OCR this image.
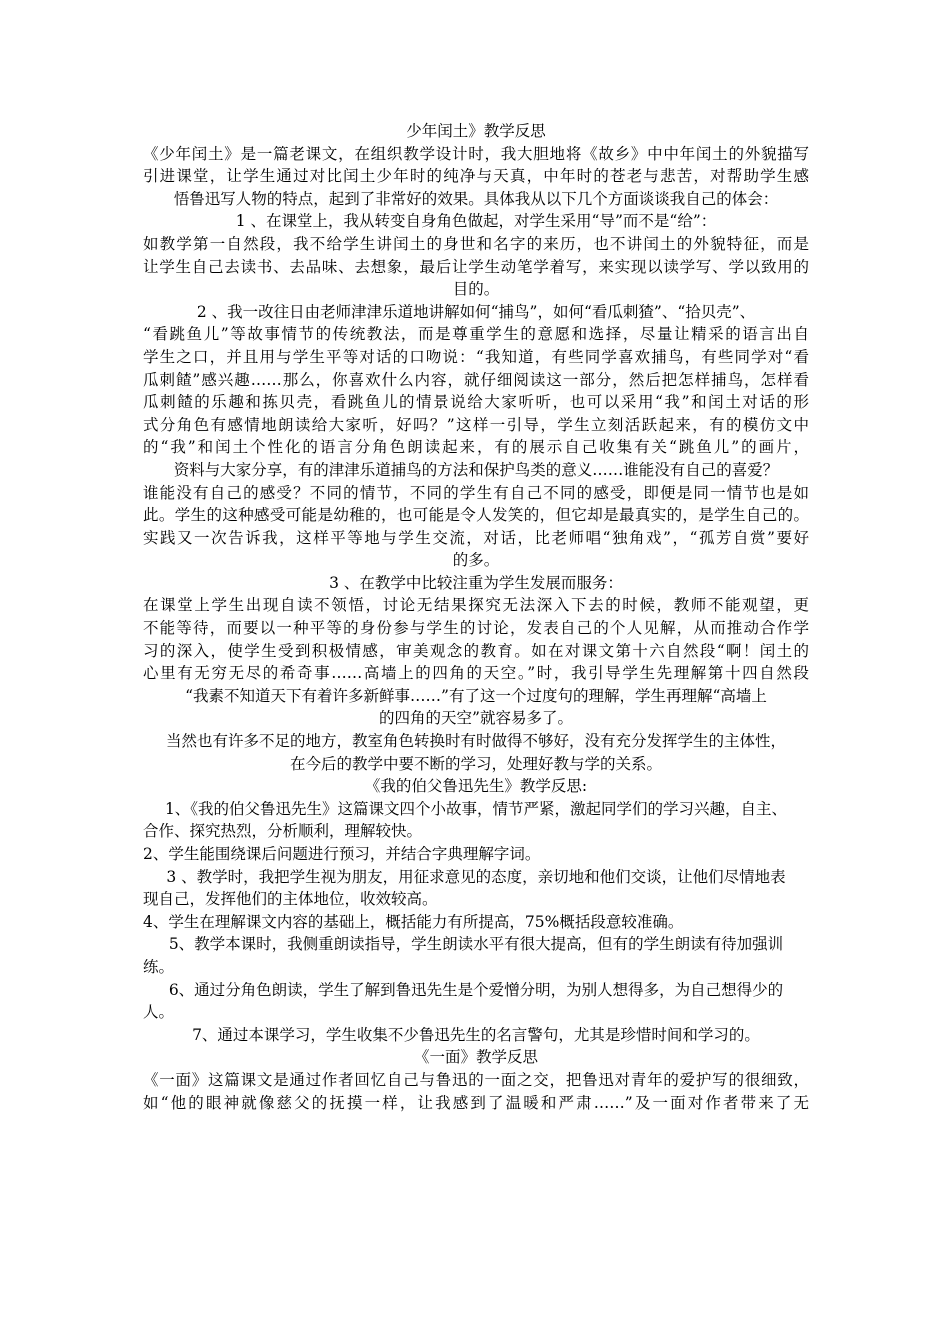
少年闰土》教学反思
《少年闰土》是一篇老课文，在组织教学设计时，我大胆地将《故乡》中中年闰土的外貌描写
引进课堂，让学生通过对比闰土少年时的纯净与天真，中年时的苍老与悲苦，对帮助学生感
悟鲁迅写人物的特点，起到了非常好的效果。具体我从以下几个方面谈谈我自己的体会：
1 、在课堂上，我从转变自身角色做起，对学生采用“导”而不是“给”：
如教学第一自然段，我不给学生讲闰土的身世和名字的来历，也不讲闰土的外貌特征，而是
让学生自己去读书、去品味、去想象，最后让学生动笔学着写，来实现以读学写、学以致用的
目的。
2 、我一改往日由老师津津乐道地讲解如何“捕鸟”，如何“看瓜刺猹”、“拾贝壳”、
“看跳鱼儿”等故事情节的传统教法，而是尊重学生的意愿和选择，尽量让精采的语言出自
学生之口，并且用与学生平等对话的口吻说：“我知道，有些同学喜欢捕鸟，有些同学对“看
瓜刺餷”感兴趣……那么，你喜欢什么内容，就仔细阅读这一部分，然后把怎样捕鸟，怎样看
瓜刺餷的乐趣和拣贝壳，看跳鱼儿的情景说给大家听听，也可以采用“我”和闰土对话的形
式分角色有感情地朗读给大家听，好吗？”这样一引导，学生立刻活跃起来，有的模仿文中
的“我”和闰土个性化的语言分角色朗读起来，有的展示自己收集有关“跳鱼儿”的画片，
资料与大家分享，有的津津乐道捕鸟的方法和保护鸟类的意义……谁能没有自己的喜爱？
谁能没有自己的感受？不同的情节，不同的学生有自己不同的感受，即便是同一情节也是如
此。学生的这种感受可能是幼稚的，也可能是令人发笑的，但它却是最真实的，是学生自己的。
实践又一次告诉我，这样平等地与学生交流，对话，比老师唱“独角戏”，“孤芳自赏”要好
的多。
3 、在教学中比较注重为学生发展而服务：
在课堂上学生出现自读不领悟，讨论无结果探究无法深入下去的时候，教师不能观望，更
不能等待，而要以一种平等的身份参与学生的讨论，发表自己的个人见解，从而推动合作学
习的深入，使学生受到积极情感，审美观念的教育。如在对课文第十六自然段“啊！闰土的
心里有无穷无尽的希奇事……高墙上的四角的天空。”时，我引导学生先理解第十四自然段
“我素不知道天下有着许多新鲜事……”有了这一个过度句的理解，学生再理解“高墙上
的四角的天空”就容易多了。
当然也有许多不足的地方，教室角色转换时有时做得不够好，没有充分发挥学生的主体性，
在今后的教学中要不断的学习，处理好教与学的关系。
《我的伯父鲁迅先生》教学反思:
1、《我的伯父鲁迅先生》这篇课文四个小故事，情节严紧，激起同学们的学习兴趣，自主、
合作、探究热烈，分析顺利，理解较快。
2、学生能围绕课后问题进行预习，并结合字典理解字词。
3 、教学时，我把学生视为朋友，用征求意见的态度，亲切地和他们交谈，让他们尽情地表
现自己，发挥他们的主体地位，收效较高。
4、学生在理解课文内容的基础上，概括能力有所提高，75%概括段意较准确。
5、教学本课时，我侧重朗读指导，学生朗读水平有很大提高，但有的学生朗读有待加强训
练。
6、通过分角色朗读，学生了解到鲁迅先生是个爱憎分明，为别人想得多，为自己想得少的
人。
7、通过本课学习，学生收集不少鲁迅先生的名言警句，尤其是珍惜时间和学习的。
《一面》教学反思
《一面》这篇课文是通过作者回忆自己与鲁迅的一面之交，把鲁迅对青年的爱护写的很细致，
如“他的眼神就像慈父的抚摸一样，让我感到了温暖和严肃……”及一面对作者带来了无
